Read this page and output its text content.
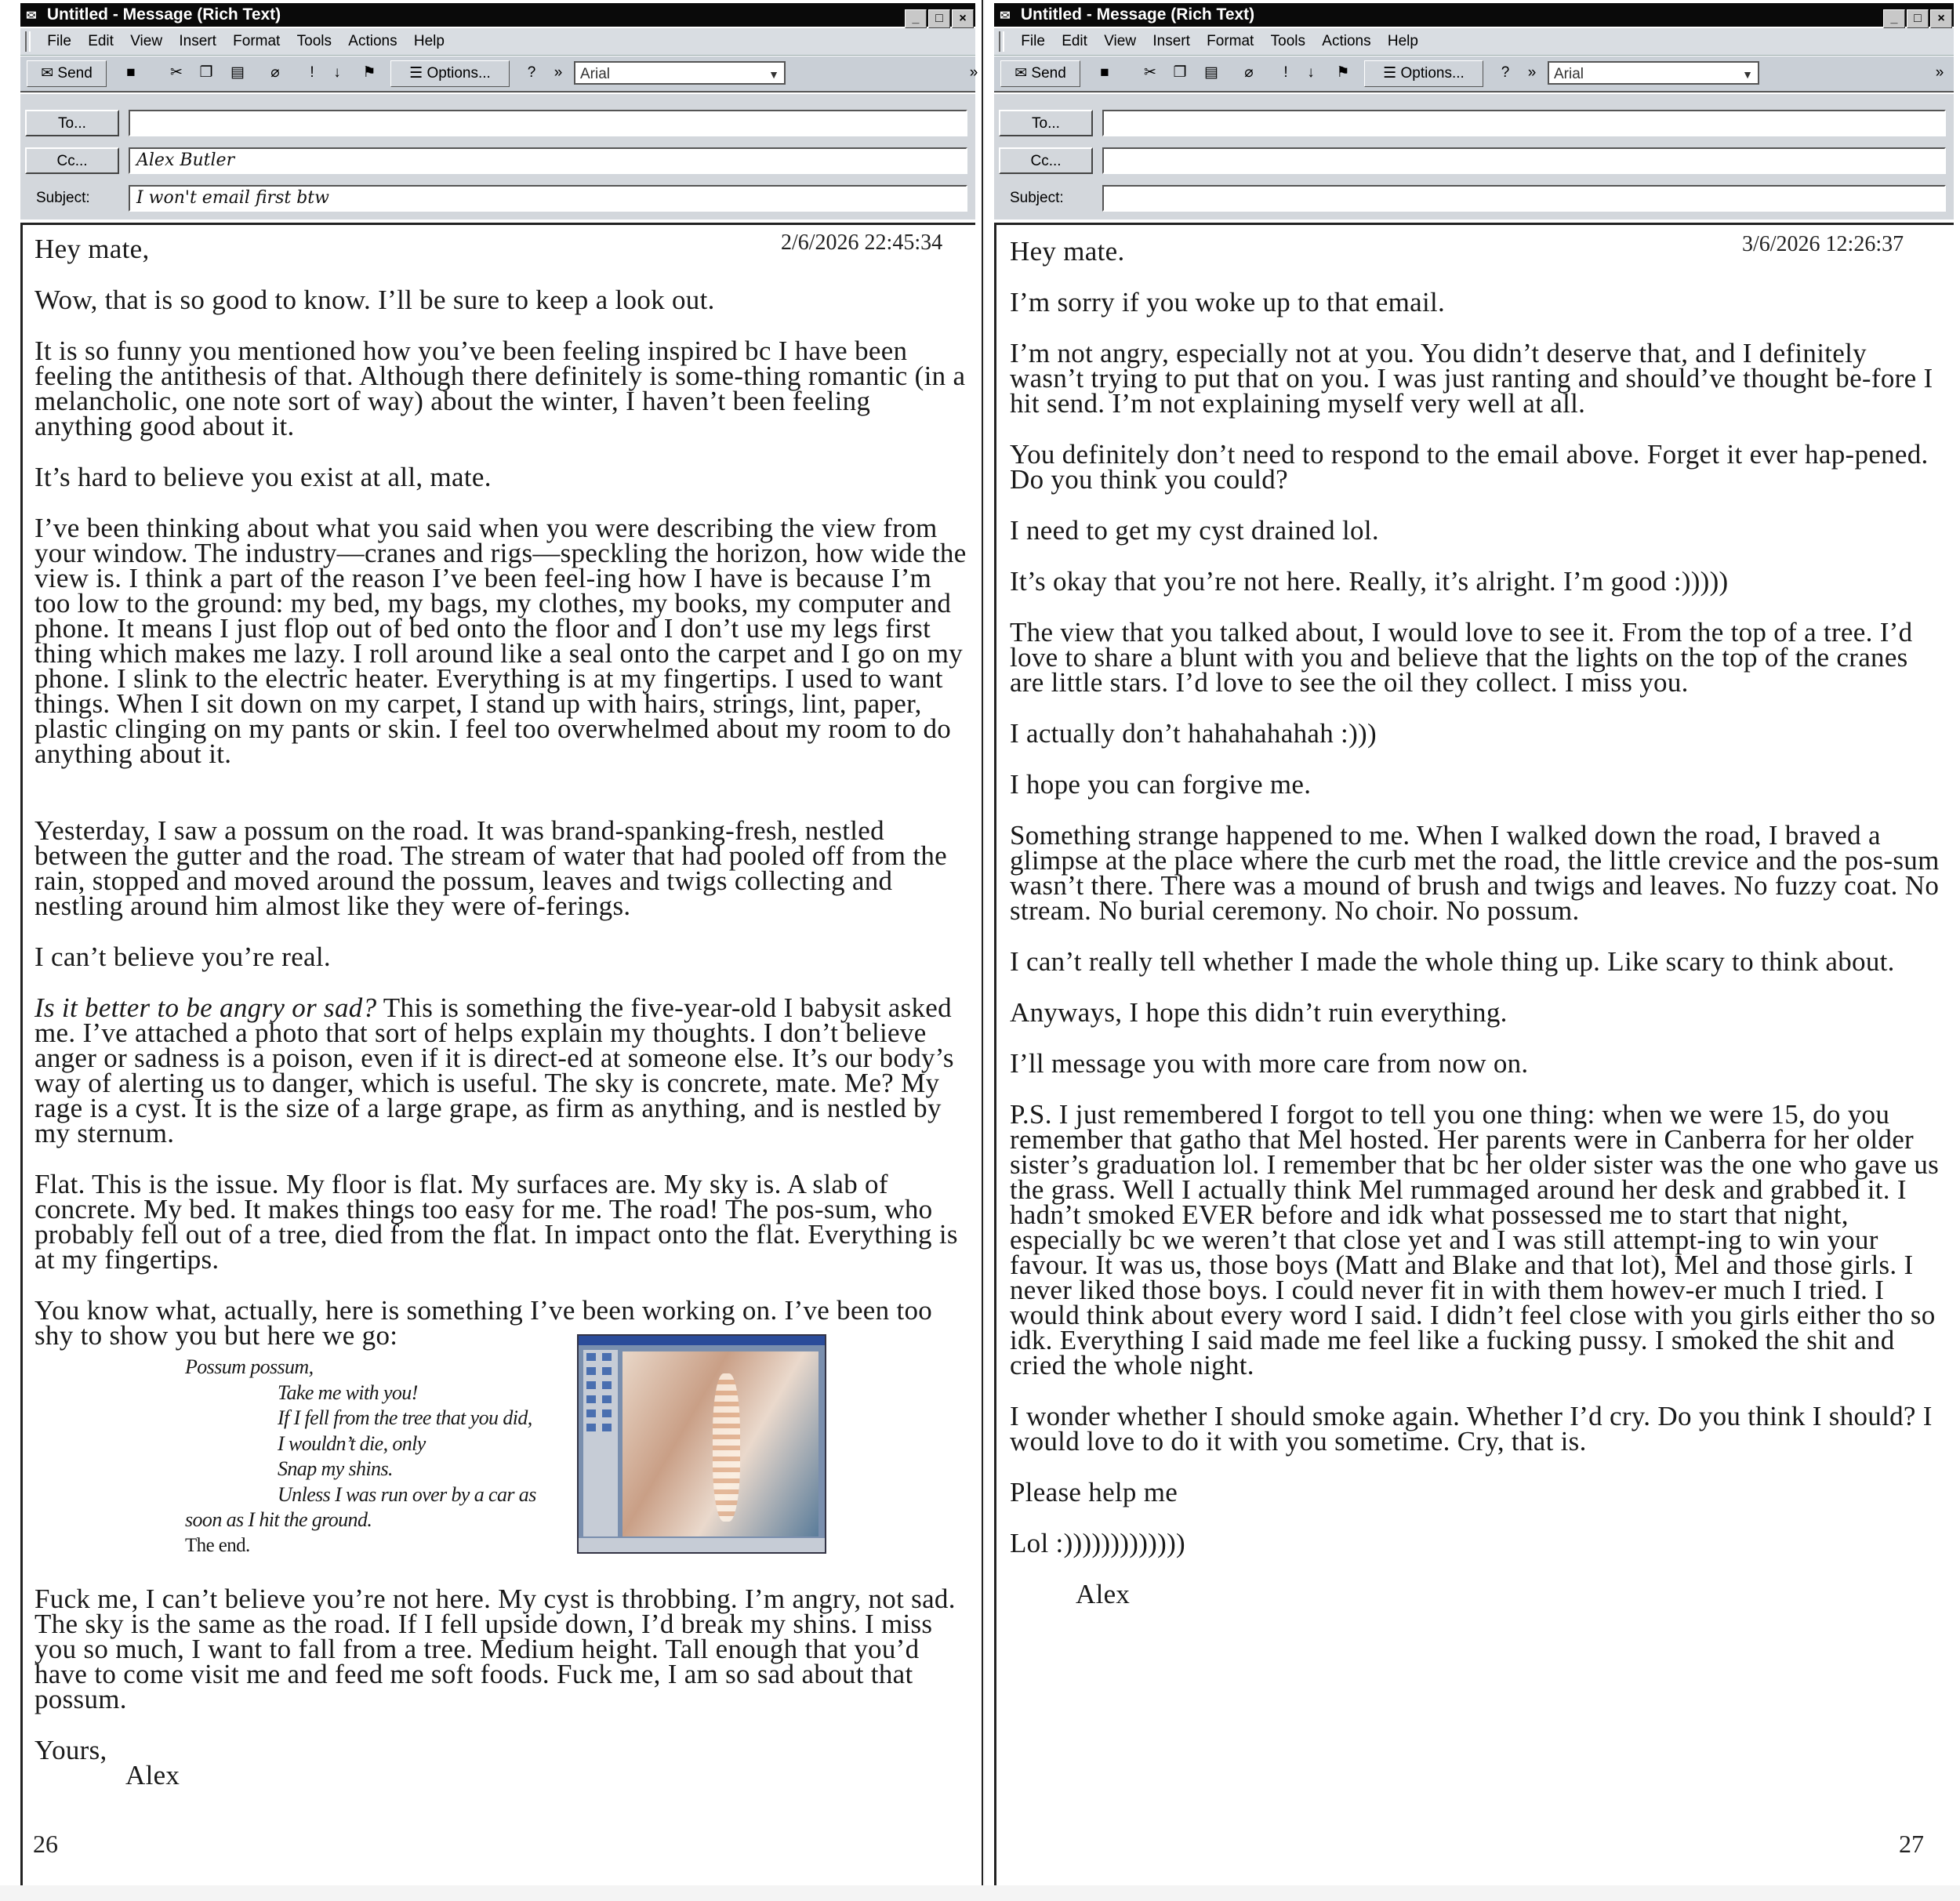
✉ Untitled - Message (Rich Text)	_ □ ×
File Edit View Insert Format Tools Actions Help
✉ Send	■	✂	❐	▤	⌀	!	↓	⚑	☰ Options...	?	»	Arial	▼	»
To...
Cc...	Alex Butler
Subject:	I won't email first btw
2/6/2026 22:45:34
26

Hey mate,

Wow, that is so good to know. I’ll be sure to keep a look out.

It is so funny you mentioned how you’ve been feeling inspired bc I have been feeling the antithesis of that. Although there definitely is some-thing romantic (in a melancholic, one note sort of way) about the winter, I haven’t been feeling anything good about it.

It’s hard to believe you exist at all, mate.

I’ve been thinking about what you said when you were describing the view from your window. The industry—cranes and rigs—speckling the horizon, how wide the view is. I think a part of the reason I’ve been feel-ing how I have is because I’m too low to the ground: my bed, my bags, my clothes, my books, my computer and phone. It means I just flop out of bed onto the floor and I don’t use my legs first thing which makes me lazy. I roll around like a seal onto the carpet and I go on my phone. I slink to the electric heater. Everything is at my fingertips. I used to want things. When I sit down on my carpet, I stand up with hairs, strings, lint, paper, plastic clinging on my pants or skin. I feel too overwhelmed about my room to do anything about it.

Yesterday, I saw a possum on the road. It was brand-spanking-fresh, nestled between the gutter and the road. The stream of water that had pooled off from the rain, stopped and moved around the possum, leaves and twigs collecting and nestling around him almost like they were of-ferings.

I can’t believe you’re real.

Is it better to be angry or sad? This is something the five-year-old I babysit asked me. I’ve attached a photo that sort of helps explain my thoughts. I don’t believe anger or sadness is a poison, even if it is direct-ed at someone else. It’s our body’s way of alerting us to danger, which is useful. The sky is concrete, mate. Me? My rage is a cyst. It is the size of a large grape, as firm as anything, and is nestled by my sternum.

Flat. This is the issue. My floor is flat. My surfaces are. My sky is. A slab of concrete. My bed. It makes things too easy for me. The road! The pos-sum, who probably fell out of a tree, died from the flat. In impact onto the flat. Everything is at my fingertips.

You know what, actually, here is something I’ve been working on. I’ve been too shy to show you but here we go:

Possum possum,
Take me with you!
If I fell from the tree that you did,
I wouldn’t die, only
Snap my shins.
Unless I was run over by a car as
soon as I hit the ground.
The end.

Fuck me, I can’t believe you’re not here. My cyst is throbbing. I’m angry, not sad. The sky is the same as the road. If I fell upside down, I’d break my shins. I miss you so much, I want to fall from a tree. Medium height. Tall enough that you’d have to come visit me and feed me soft foods. Fuck me, I am so sad about that possum.

Yours,

Alex

✉ Untitled - Message (Rich Text)	_ □ ×
File Edit View Insert Format Tools Actions Help
✉ Send	■	✂	❐	▤	⌀	!	↓	⚑	☰ Options...	?	»	Arial	▼	»
To...
Cc...
Subject:
3/6/2026 12:26:37
27

Hey mate.

I’m sorry if you woke up to that email.

I’m not angry, especially not at you. You didn’t deserve that, and I definitely wasn’t trying to put that on you. I was just ranting and should’ve thought be-fore I hit send. I’m not explaining myself very well at all.

You definitely don’t need to respond to the email above. Forget it ever hap-pened. Do you think you could?

I need to get my cyst drained lol.

It’s okay that you’re not here. Really, it’s alright. I’m good :)))))

The view that you talked about, I would love to see it. From the top of a tree. I’d love to share a blunt with you and believe that the lights on the top of the cranes are little stars. I’d love to see the oil they collect. I miss you.

I actually don’t hahahahahah :)))

I hope you can forgive me.

Something strange happened to me. When I walked down the road, I braved a glimpse at the place where the curb met the road, the little crevice and the pos-sum wasn’t there. There was a mound of brush and twigs and leaves. No fuzzy coat. No stream. No burial ceremony. No choir. No possum.

I can’t really tell whether I made the whole thing up. Like scary to think about.

Anyways, I hope this didn’t ruin everything.

I’ll message you with more care from now on.

P.S. I just remembered I forgot to tell you one thing: when we were 15, do you remember that gatho that Mel hosted. Her parents were in Canberra for her older sister’s graduation lol. I remember that bc her older sister was the one who gave us the grass. Well I actually think Mel rummaged around her desk and grabbed it. I hadn’t smoked EVER before and idk what possessed me to start that night, especially bc we weren’t that close yet and I was still attempt-ing to win your favour. It was us, those boys (Matt and Blake and that lot), Mel and those girls. I never liked those boys. I could never fit in with them howev-er much I tried. I would think about every word I said. I didn’t feel close with you girls either tho so idk. Everything I said made me feel like a fucking pussy. I smoked the shit and cried the whole night.

I wonder whether I should smoke again. Whether I’d cry. Do you think I should? I would love to do it with you sometime. Cry, that is.

Please help me

Lol :)))))))))))))

Alex
